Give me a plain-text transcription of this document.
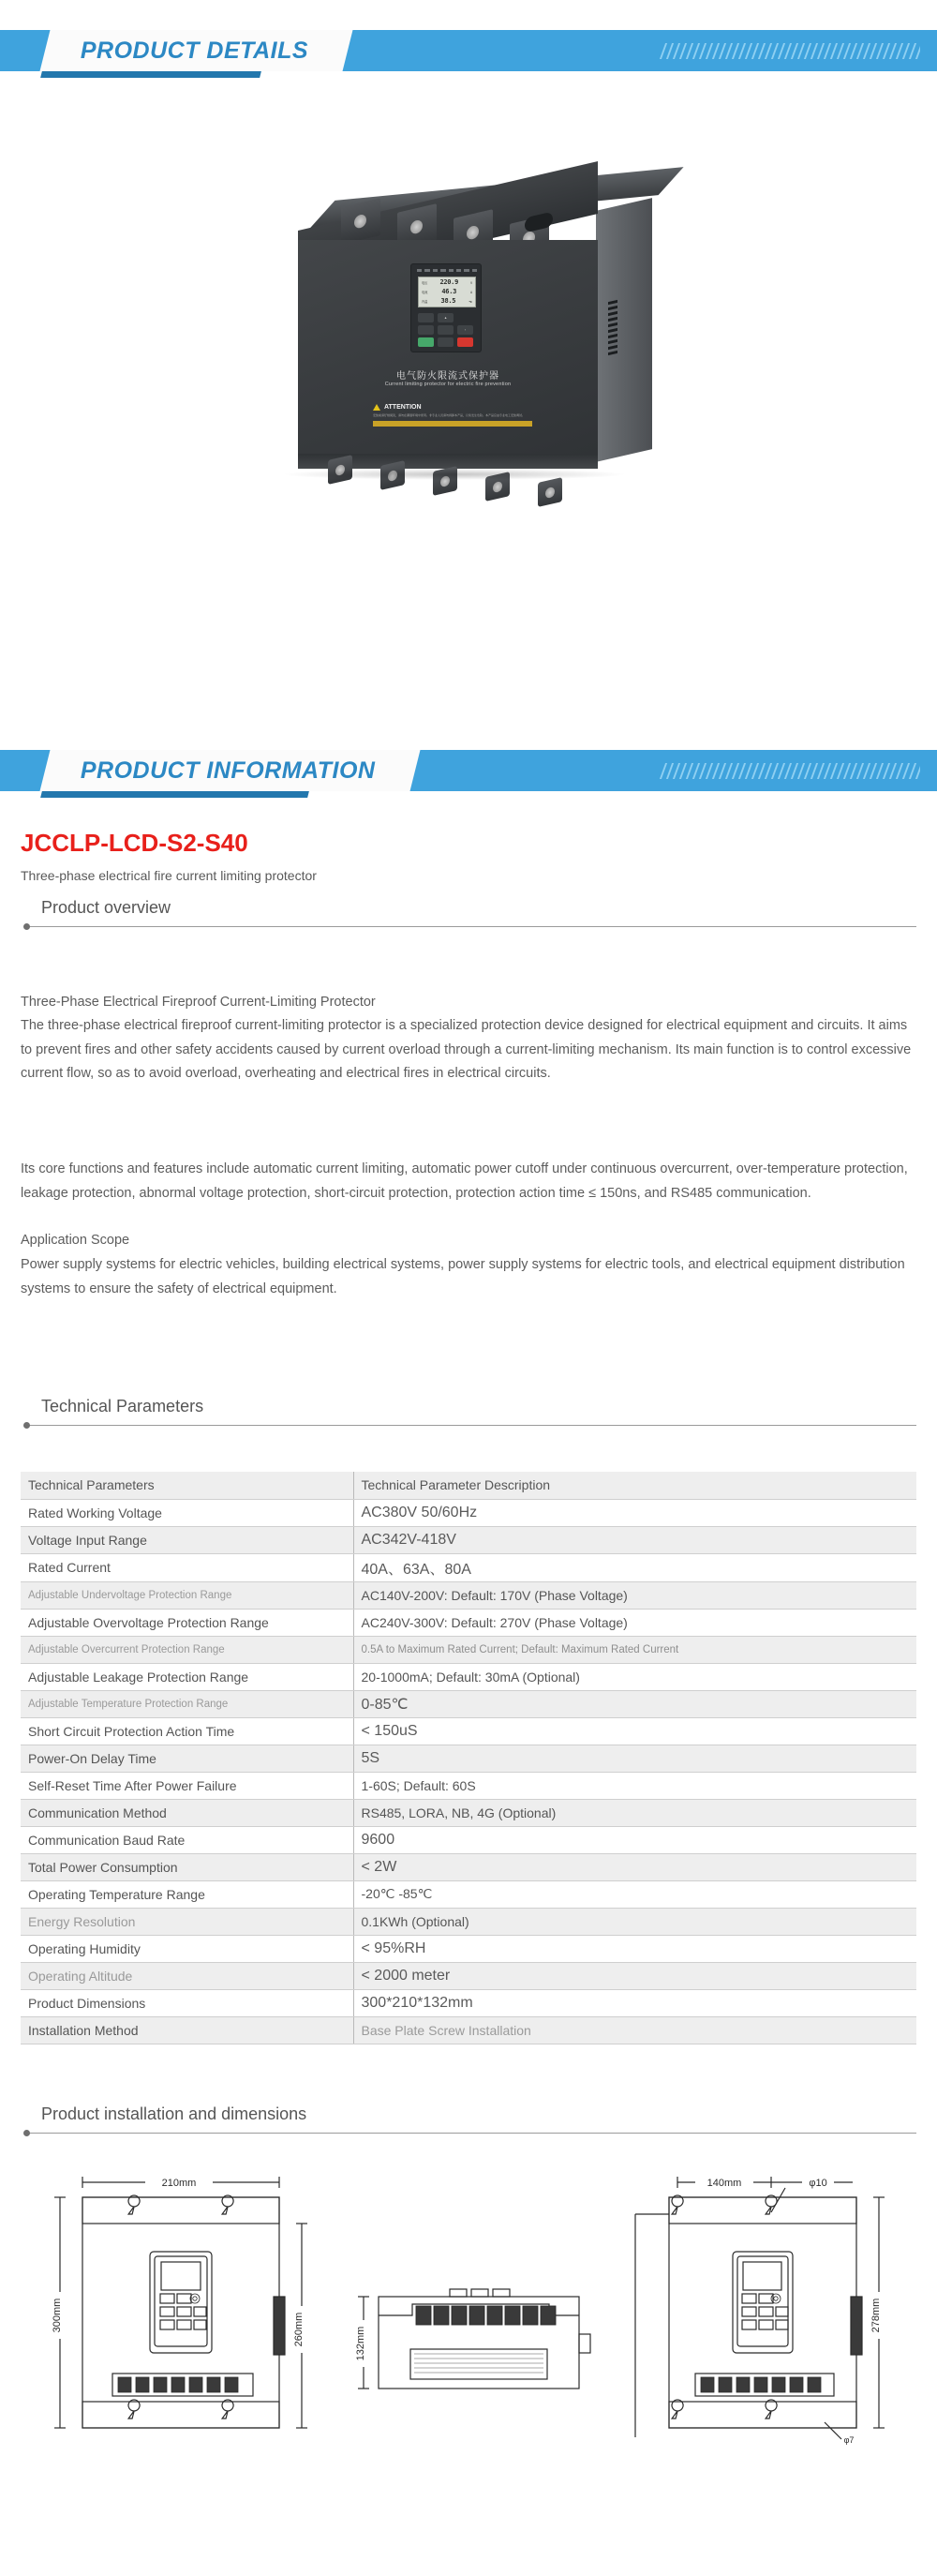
PRODUCT DETAILS
电压 220.9	V
电流 46.3	A
内温 38.5	℃
▲
›
电气防火限流式保护器
Current limiting protector for electric fire prevention
ATTENTION
安装前请仔细阅读，请勿在潮湿环境中使用。非专业人员请勿拆卸本产品，以免发生危险。本产品应由专业电工安装调试。
PRODUCT INFORMATION
JCCLP-LCD-S2-S40
Three-phase electrical fire current limiting protector
Product overview
Three-Phase Electrical Fireproof Current-Limiting Protector
The three-phase electrical fireproof current-limiting protector is a specialized protection device designed for electrical equipment and circuits. It aims to prevent fires and other safety accidents caused by current overload through a current-limiting mechanism. Its main function is to control excessive current flow, so as to avoid overload, overheating and electrical fires in electrical circuits.
Its core functions and features include automatic current limiting, automatic power cutoff under continuous overcurrent, over-temperature protection, leakage protection, abnormal voltage protection, short-circuit protection, protection action time ≤ 150ns, and RS485 communication.
Application Scope
Power supply systems for electric vehicles, building electrical systems, power supply systems for electric tools, and electrical equipment distribution systems to ensure the safety of electrical equipment.
Technical Parameters
Technical Parameters	Technical Parameter Description
Rated Working Voltage	AC380V 50/60Hz
Voltage Input Range	AC342V-418V
Rated Current	40A、63A、80A
Adjustable Undervoltage Protection Range	AC140V-200V: Default: 170V (Phase Voltage)
Adjustable Overvoltage Protection Range	AC240V-300V: Default: 270V (Phase Voltage)
Adjustable Overcurrent Protection Range	0.5A to Maximum Rated Current; Default: Maximum Rated Current
Adjustable Leakage Protection Range	20-1000mA; Default: 30mA (Optional)
Adjustable Temperature Protection Range	0-85℃
Short Circuit Protection Action Time	< 150uS
Power-On Delay Time	5S
Self-Reset Time After Power Failure	1-60S; Default: 60S
Communication Method	RS485, LORA, NB, 4G (Optional)
Communication Baud Rate	9600
Total Power Consumption	< 2W
Operating Temperature Range	-20℃ -85℃
Energy Resolution	0.1KWh (Optional)
Operating Humidity	< 95%RH
Operating Altitude	< 2000 meter
Product Dimensions	300*210*132mm
Installation Method	Base Plate Screw Installation
Product installation and dimensions
210mm
300mm	260mm	132mm
140mm	φ10
278mm
φ7
